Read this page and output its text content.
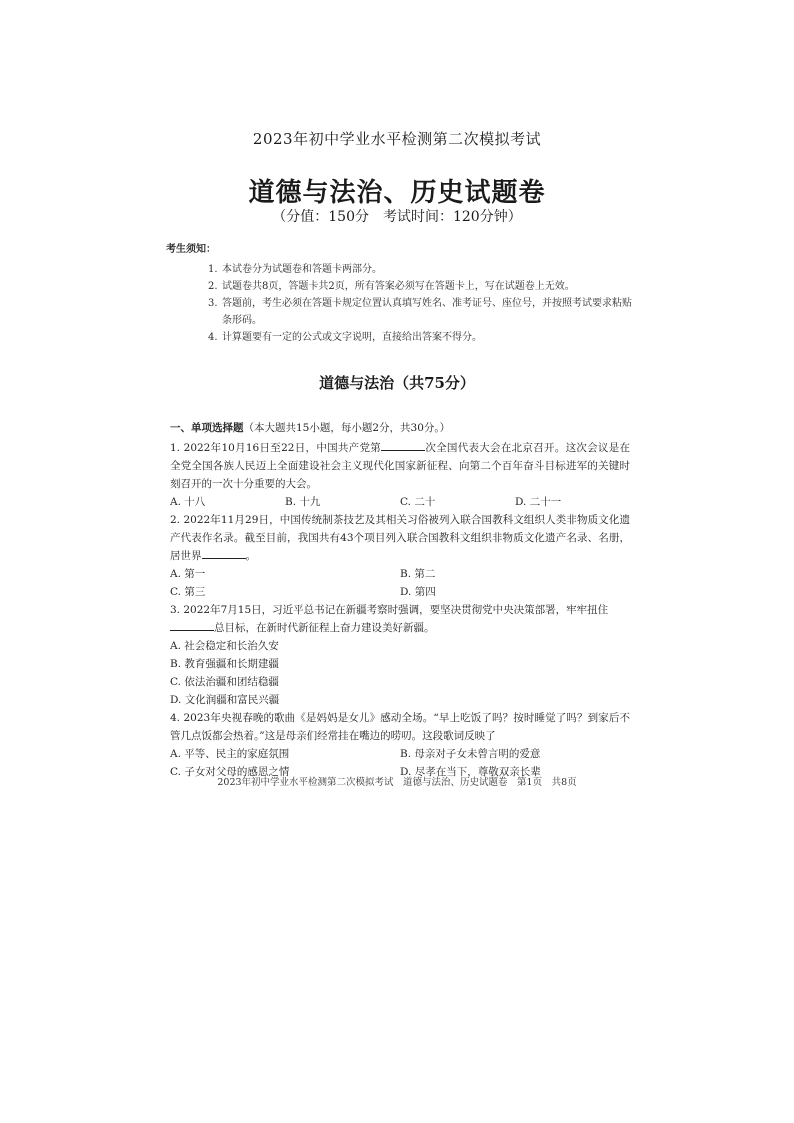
2023年初中学业水平检测第二次模拟考试
道德与法治、历史试题卷
（分值：150分　考试时间：120分钟）
考生须知：
1. 本试卷分为试题卷和答题卡两部分。
2. 试题卷共8页，答题卡共2页，所有答案必须写在答题卡上，写在试题卷上无效。
3. 答题前，考生必须在答题卡规定位置认真填写姓名、准考证号、座位号，并按照考试要求粘贴条形码。
4. 计算题要有一定的公式或文字说明，直接给出答案不得分。
道德与法治（共75分）
一、单项选择题（本大题共15小题，每小题2分，共30分。）
1. 2022年10月16日至22日，中国共产党第	次全国代表大会在北京召开。这次会议是在全党全国各族人民迈上全面建设社会主义现代化国家新征程、向第二个百年奋斗目标进军的关键时刻召开的一次十分重要的大会。
A. 十八	B. 十九	C. 二十	D. 二十一
2. 2022年11月29日，中国传统制茶技艺及其相关习俗被列入联合国教科文组织人类非物质文化遗产代表作名录。截至目前，我国共有43个项目列入联合国教科文组织非物质文化遗产名录、名册，居世界	。
A. 第一	B. 第二
C. 第三	D. 第四
3. 2022年7月15日，习近平总书记在新疆考察时强调，要坚决贯彻党中央决策部署，牢牢扭住
总目标，在新时代新征程上奋力建设美好新疆。
A. 社会稳定和长治久安
B. 教育强疆和长期建疆
C. 依法治疆和团结稳疆
D. 文化润疆和富民兴疆
4. 2023年央视春晚的歌曲《是妈妈是女儿》感动全场。“早上吃饭了吗？按时睡觉了吗？到家后不管几点饭都会热着。”这是母亲们经常挂在嘴边的唠叨。这段歌词反映了
A. 平等、民主的家庭氛围	B. 母亲对子女未曾言明的爱意
C. 子女对父母的感恩之情	D. 尽孝在当下，尊敬双亲长辈
2023年初中学业水平检测第二次模拟考试　道德与法治、历史试题卷　第1页　共8页
